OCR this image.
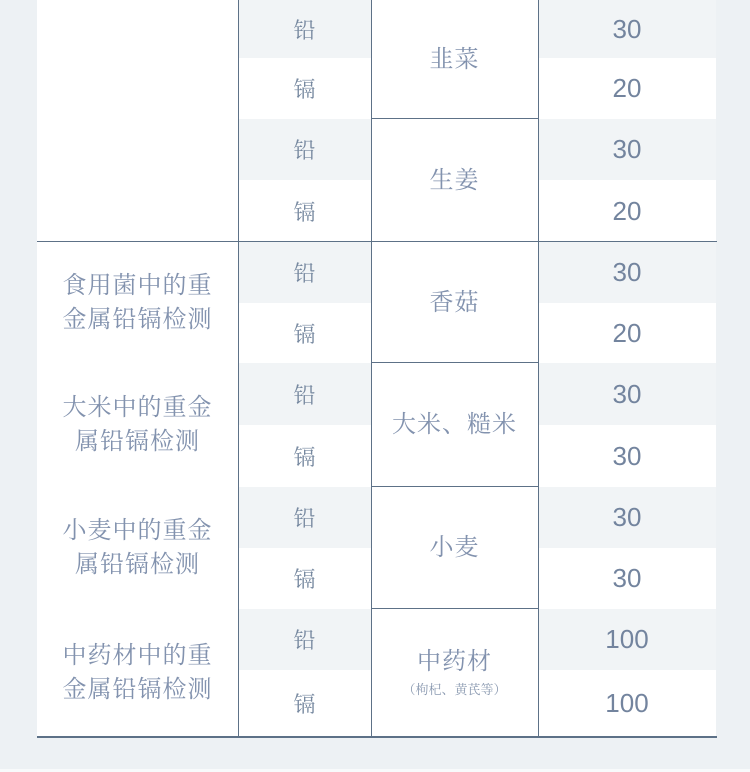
食用菌中的重金属铅镉检测
大米中的重金属铅镉检测
小麦中的重金属铅镉检测
中药材中的重金属铅镉检测
铅
镉
铅
镉
铅
镉
铅
镉
铅
镉
铅
镉
韭菜
生姜
香菇
大米、糙米
小麦
中药材
（枸杞、黄芪等）
30
20
30
20
30
20
30
30
30
30
100
100
